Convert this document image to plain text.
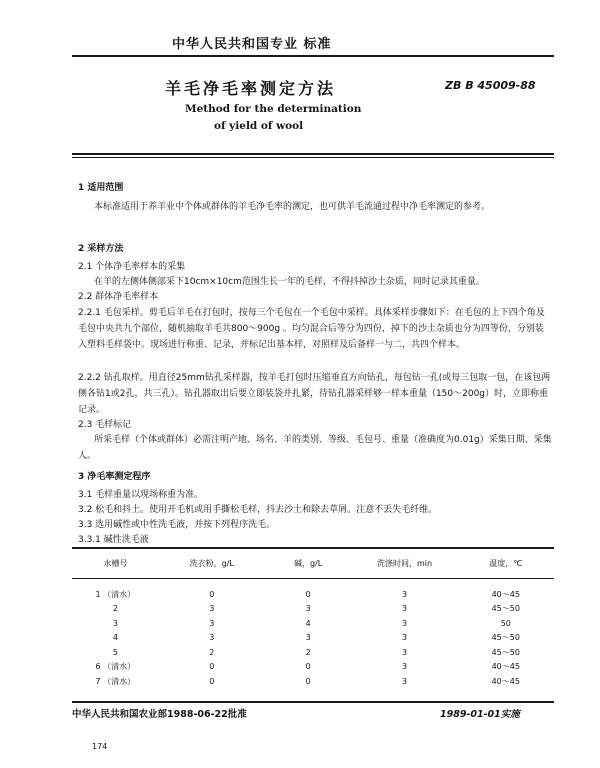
中华人民共和国专业 标准
羊毛净毛率测定方法	ZB B 45009-88
Method for the determination
of yield of wool
1 适用范围
本标准适用于养羊业中个体或群体的羊毛净毛率的测定，也可供羊毛流通过程中净毛率测定的参考。
2 采样方法
2.1 个体净毛率样本的采集
在羊的左侧体侧部采下10cm×10cm范围生长一年的毛样，不得抖掉沙土杂质，同时记录其重量。
2.2 群体净毛率样本
2.2.1 毛包采样。剪毛后羊毛在打包时，按每三个毛包在一个毛包中采样。具体采样步骤如下：在毛包的上下四个角及毛包中央共九个部位，随机抽取羊毛共800～900g 。均匀混合后等分为四份，掉下的沙土杂质也分为四等份，分别装入塑料毛样袋中。现场进行称重、记录，并标记出基本样，对照样及后备样一与二，共四个样本。
2.2.2 钻孔取样。用直径25mm钻孔采样器，按羊毛打包时压缩垂直方向钻孔，每包钻一孔(或每三包取一包，在该包两侧各钻1或2孔，共三孔）。钻孔器取出后要立即装袋并扎紧，待钻孔器采样够一样本重量（150～200g）时，立即称重记录。
2.3 毛样标记
所采毛样（个体或群体）必需注明产地、场名、羊的类别、等级、毛包号、重量（准确度为0.01g）采集日期、采集人。
3 净毛率测定程序
3.1 毛样重量以现场称重为准。
3.2 松毛和抖土。使用开毛机或用手撕松毛样，抖去沙土和除去草屑。注意不丢失毛纤维。
3.3 选用碱性或中性洗毛液，并按下列程序洗毛。
3.3.1 碱性洗毛液
水槽号	洗衣粉，g/L	碱，g/L	洗涤时间，min	温度，℃
1 （清水）	0	0	3	40～45
2	3	3	3	45～50
3	3	4	3	50
4	3	3	3	45～50
5	2	2	3	45～50
6 （清水）	0	0	3	40～45
7 （清水）	0	0	3	40～45
中华人民共和国农业部1988-06-22批准	1989-01-01实施
174
